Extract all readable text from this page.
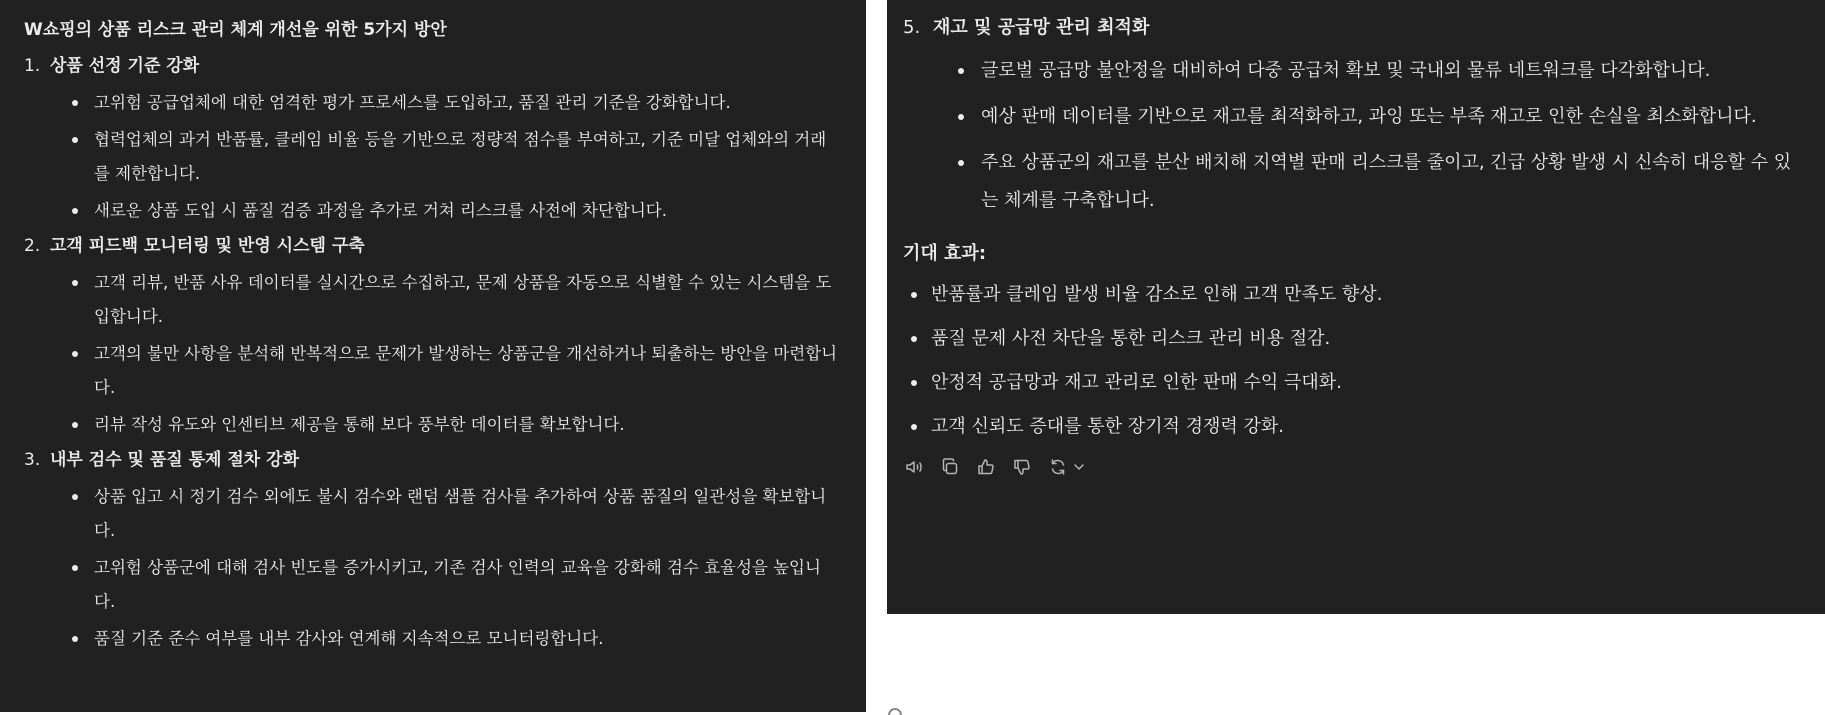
W쇼핑의 상품 리스크 관리 체계 개선을 위한 5가지 방안
1. 상품 선정 기준 강화
고위험 공급업체에 대한 엄격한 평가 프로세스를 도입하고, 품질 관리 기준을 강화합니다.
협력업체의 과거 반품률, 클레임 비율 등을 기반으로 정량적 점수를 부여하고, 기준 미달 업체와의 거래를 제한합니다.
새로운 상품 도입 시 품질 검증 과정을 추가로 거쳐 리스크를 사전에 차단합니다.
2. 고객 피드백 모니터링 및 반영 시스템 구축
고객 리뷰, 반품 사유 데이터를 실시간으로 수집하고, 문제 상품을 자동으로 식별할 수 있는 시스템을 도입합니다.
고객의 불만 사항을 분석해 반복적으로 문제가 발생하는 상품군을 개선하거나 퇴출하는 방안을 마련합니다.
리뷰 작성 유도와 인센티브 제공을 통해 보다 풍부한 데이터를 확보합니다.
3. 내부 검수 및 품질 통제 절차 강화
상품 입고 시 정기 검수 외에도 불시 검수와 랜덤 샘플 검사를 추가하여 상품 품질의 일관성을 확보합니다.
고위험 상품군에 대해 검사 빈도를 증가시키고, 기존 검사 인력의 교육을 강화해 검수 효율성을 높입니다.
품질 기준 준수 여부를 내부 감사와 연계해 지속적으로 모니터링합니다.
5. 재고 및 공급망 관리 최적화
글로벌 공급망 불안정을 대비하여 다중 공급처 확보 및 국내외 물류 네트워크를 다각화합니다.
예상 판매 데이터를 기반으로 재고를 최적화하고, 과잉 또는 부족 재고로 인한 손실을 최소화합니다.
주요 상품군의 재고를 분산 배치해 지역별 판매 리스크를 줄이고, 긴급 상황 발생 시 신속히 대응할 수 있는 체계를 구축합니다.
기대 효과:
반품률과 클레임 발생 비율 감소로 인해 고객 만족도 향상.
품질 문제 사전 차단을 통한 리스크 관리 비용 절감.
안정적 공급망과 재고 관리로 인한 판매 수익 극대화.
고객 신뢰도 증대를 통한 장기적 경쟁력 강화.
